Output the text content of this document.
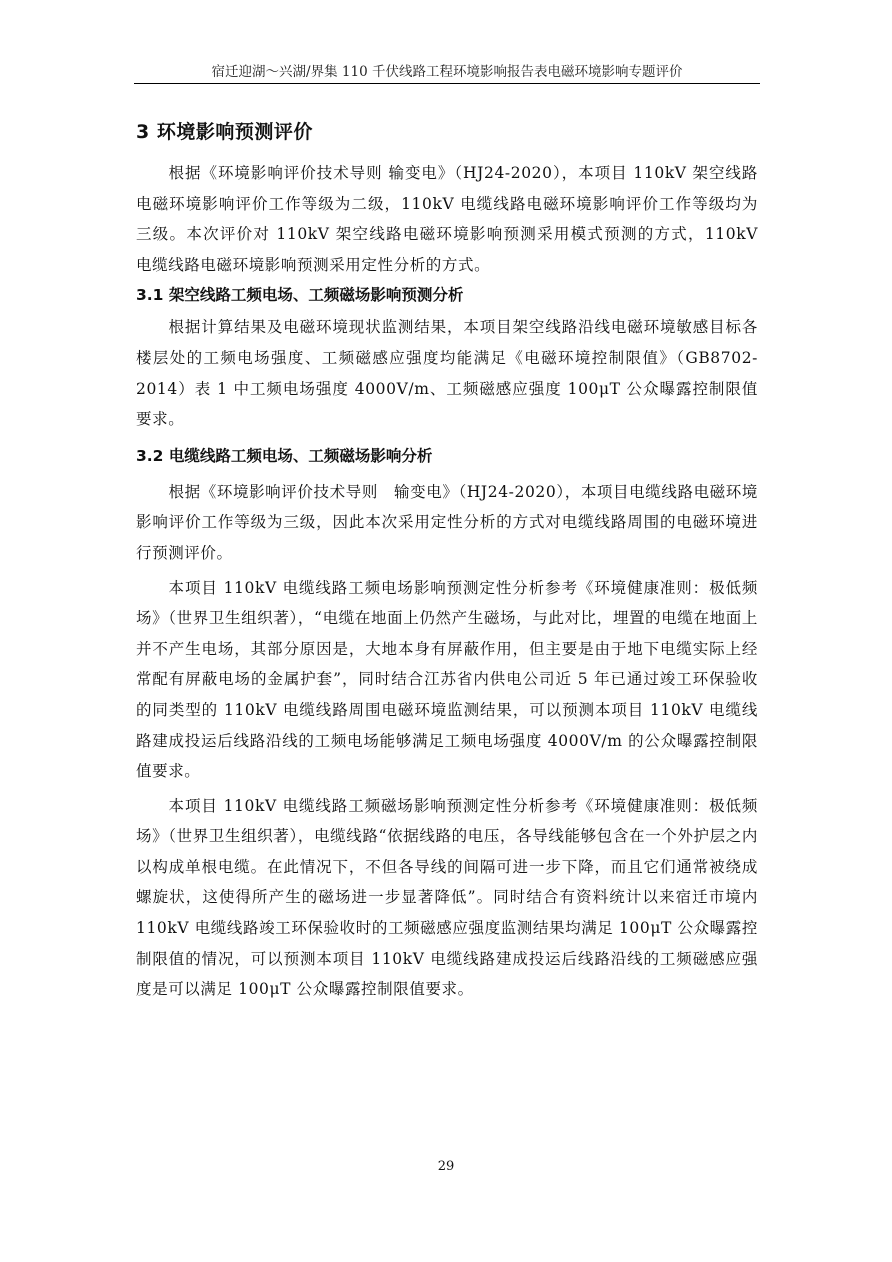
宿迁迎湖～兴湖/界集 110 千伏线路工程环境影响报告表电磁环境影响专题评价
3 环境影响预测评价

根据《环境影响评价技术导则 输变电》（HJ24-2020），本项目 110kV 架空线路电磁环境影响评价工作等级为二级，110kV 电缆线路电磁环境影响评价工作等级均为三级。本次评价对 110kV 架空线路电磁环境影响预测采用模式预测的方式，110kV 电缆线路电磁环境影响预测采用定性分析的方式。

3.1 架空线路工频电场、工频磁场影响预测分析

根据计算结果及电磁环境现状监测结果，本项目架空线路沿线电磁环境敏感目标各楼层处的工频电场强度、工频磁感应强度均能满足《电磁环境控制限值》（GB8702-2014）表 1 中工频电场强度 4000V/m、工频磁感应强度 100μT 公众曝露控制限值要求。

3.2 电缆线路工频电场、工频磁场影响分析

根据《环境影响评价技术导则　输变电》（HJ24-2020），本项目电缆线路电磁环境影响评价工作等级为三级，因此本次采用定性分析的方式对电缆线路周围的电磁环境进行预测评价。

本项目 110kV 电缆线路工频电场影响预测定性分析参考《环境健康准则：极低频场》（世界卫生组织著），“电缆在地面上仍然产生磁场，与此对比，埋置的电缆在地面上并不产生电场，其部分原因是，大地本身有屏蔽作用，但主要是由于地下电缆实际上经常配有屏蔽电场的金属护套”，同时结合江苏省内供电公司近 5 年已通过竣工环保验收的同类型的 110kV 电缆线路周围电磁环境监测结果，可以预测本项目 110kV 电缆线路建成投运后线路沿线的工频电场能够满足工频电场强度 4000V/m 的公众曝露控制限值要求。

本项目 110kV 电缆线路工频磁场影响预测定性分析参考《环境健康准则：极低频场》（世界卫生组织著），电缆线路“依据线路的电压，各导线能够包含在一个外护层之内以构成单根电缆。在此情况下，不但各导线的间隔可进一步下降，而且它们通常被绕成螺旋状，这使得所产生的磁场进一步显著降低”。同时结合有资料统计以来宿迁市境内 110kV 电缆线路竣工环保验收时的工频磁感应强度监测结果均满足 100μT 公众曝露控制限值的情况，可以预测本项目 110kV 电缆线路建成投运后线路沿线的工频磁感应强度是可以满足 100μT 公众曝露控制限值要求。

29
